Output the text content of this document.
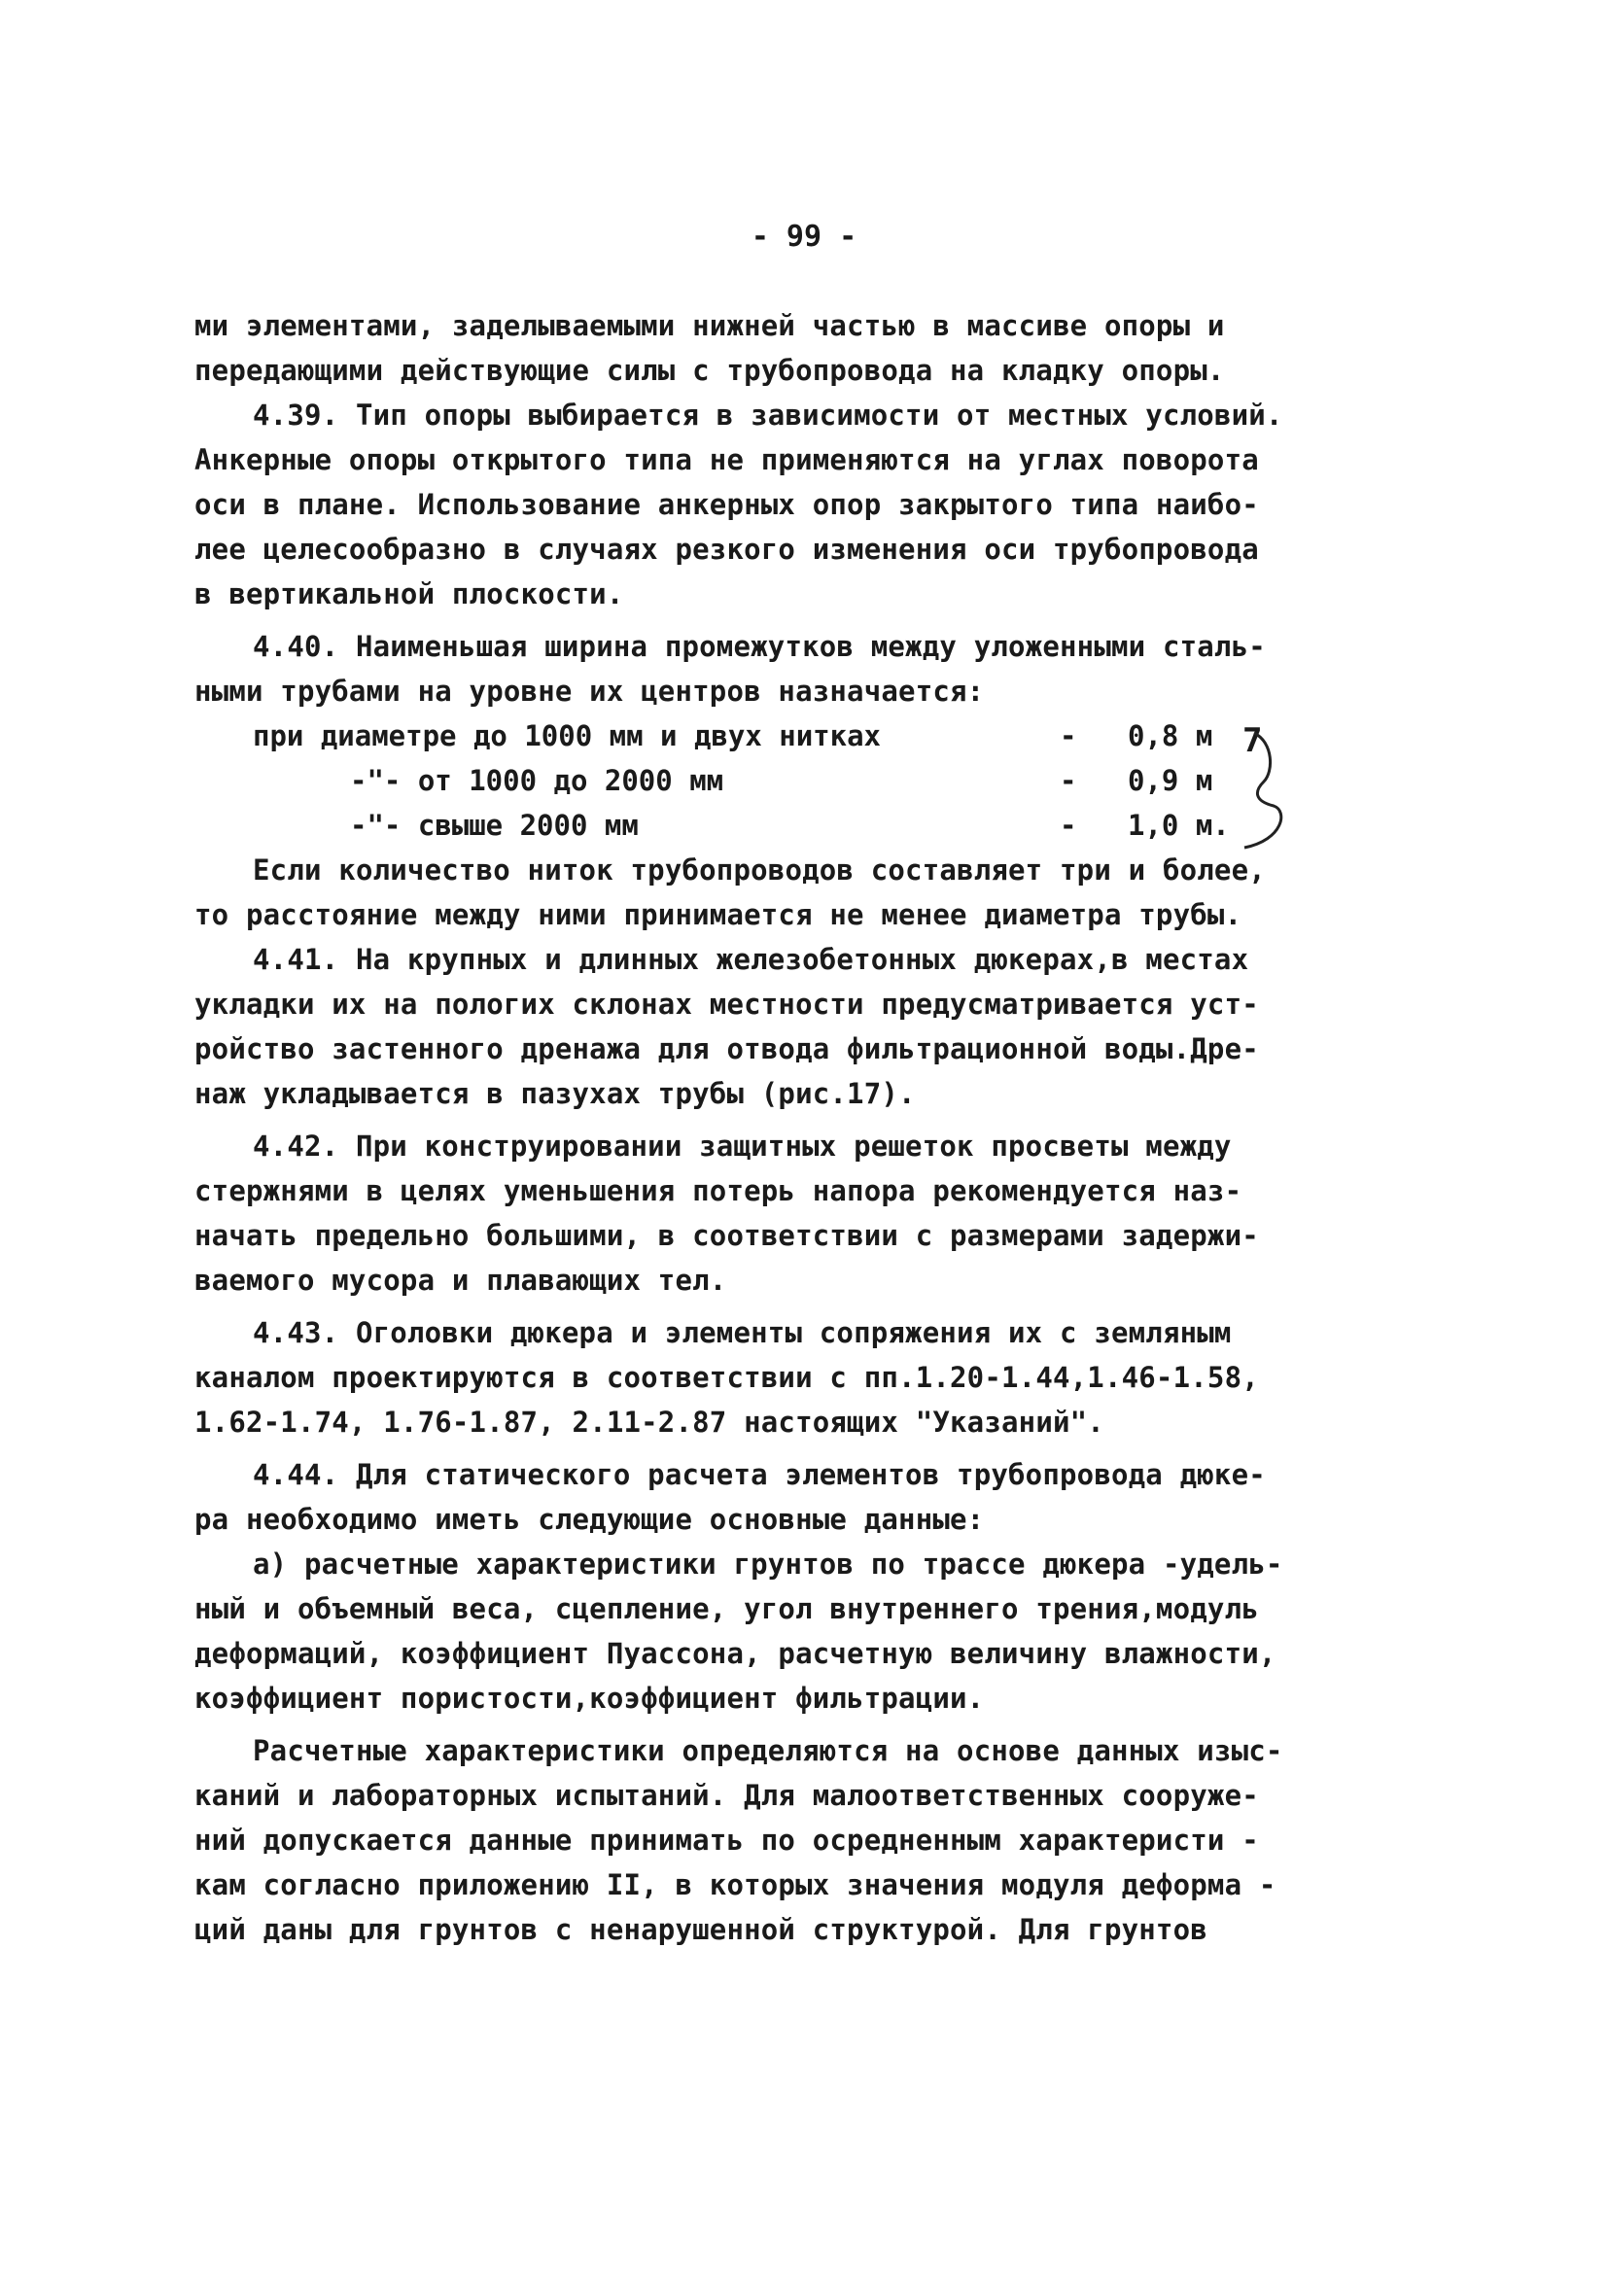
- 99 -
ми элементами, заделываемыми нижней частью в массиве опоры и
передающими действующие силы с трубопровода на кладку опоры.
4.39. Тип опоры выбирается в зависимости от местных условий.
Анкерные опоры открытого типа не применяются на углах поворота
оси в плане. Использование анкерных опор закрытого типа наибо-
лее целесообразно в случаях резкого изменения оси трубопровода
в вертикальной плоскости.
4.40. Наименьшая ширина промежутков между уложенными сталь-
ными трубами на уровне их центров назначается:
при диаметре до 1000 мм и двух нитках	- 0,8 м
-"- от 1000 до 2000 мм	- 0,9 м
-"- свыше 2000 мм	- 1,0 м.
Если количество ниток трубопроводов составляет три и более,
то расстояние между ними принимается не менее диаметра трубы.
4.41. На крупных и длинных железобетонных дюкерах,в местах
укладки их на пологих склонах местности предусматривается уст-
ройство застенного дренажа для отвода фильтрационной воды.Дре-
наж укладывается в пазухах трубы (рис.17).
4.42. При конструировании защитных решеток просветы между
стержнями в целях уменьшения потерь напора рекомендуется наз-
начать предельно большими, в соответствии с размерами задержи-
ваемого мусора и плавающих тел.
4.43. Оголовки дюкера и элементы сопряжения их с земляным
каналом проектируются в соответствии с пп.1.20-1.44,1.46-1.58,
1.62-1.74, 1.76-1.87, 2.11-2.87 настоящих "Указаний".
4.44. Для статического расчета элементов трубопровода дюке-
ра необходимо иметь следующие основные данные:
а) расчетные характеристики грунтов по трассе дюкера -удель-
ный и объемный веса, сцепление, угол внутреннего трения,модуль
деформаций, коэффициент Пуассона, расчетную величину влажности,
коэффициент пористости,коэффициент фильтрации.
Расчетные характеристики определяются на основе данных изыс-
каний и лабораторных испытаний. Для малоответственных сооруже-
ний допускается данные принимать по осредненным характеристи -
кам согласно приложению II, в которых значения модуля деформа -
ций даны для грунтов с ненарушенной структурой. Для грунтов
7
